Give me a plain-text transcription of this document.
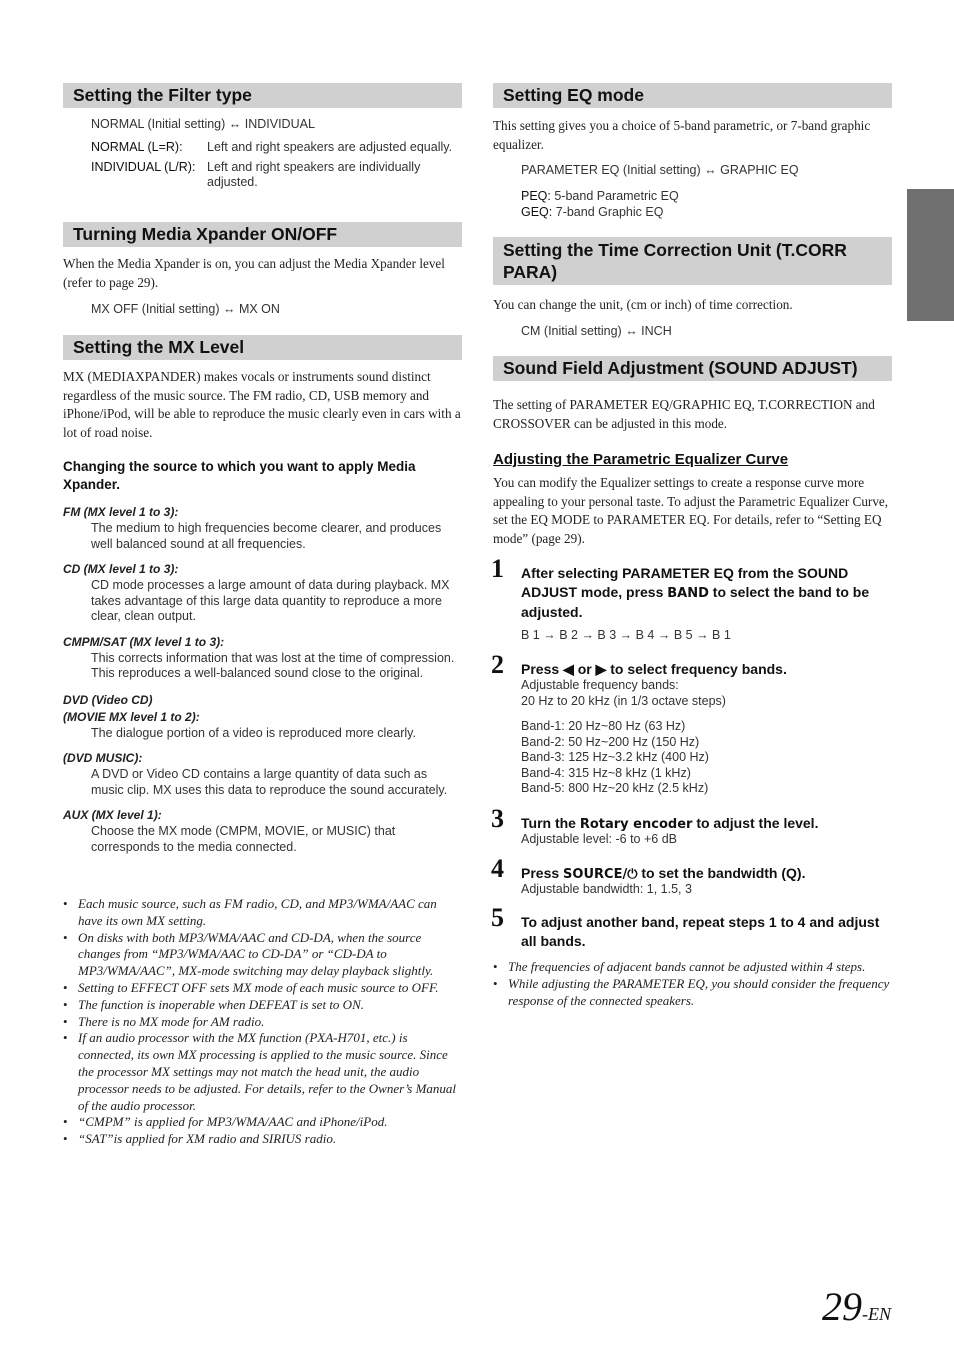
Setting the Filter type
NORMAL (Initial setting) ↔ INDIVIDUAL
NORMAL (L=R):	Left and right speakers are adjusted equally.
INDIVIDUAL (L/R): Left and right speakers are individually adjusted.
Turning Media Xpander ON/OFF
When the Media Xpander is on, you can adjust the Media Xpander level (refer to page 29).
MX OFF (Initial setting) ↔ MX ON
Setting the MX Level
MX (MEDIAXPANDER) makes vocals or instruments sound distinct regardless of the music source. The FM radio, CD, USB memory and iPhone/iPod, will be able to reproduce the music clearly even in cars with a lot of road noise.
Changing the source to which you want to apply Media Xpander.
FM (MX level 1 to 3):
The medium to high frequencies become clearer, and produces well balanced sound at all frequencies.
CD (MX level 1 to 3):
CD mode processes a large amount of data during playback. MX takes advantage of this large data quantity to reproduce a more clear, clean output.
CMPM/SAT (MX level 1 to 3):
This corrects information that was lost at the time of compression. This reproduces a well-balanced sound close to the original.
DVD (Video CD)
(MOVIE MX level 1 to 2):
The dialogue portion of a video is reproduced more clearly.
(DVD MUSIC):
A DVD or Video CD contains a large quantity of data such as music clip. MX uses this data to reproduce the sound accurately.
AUX (MX level 1):
Choose the MX mode (CMPM, MOVIE, or MUSIC) that corresponds to the media connected.
• Each music source, such as FM radio, CD, and MP3/WMA/AAC can have its own MX setting.
• On disks with both MP3/WMA/AAC and CD-DA, when the source changes from “MP3/WMA/AAC to CD-DA” or “CD-DA to MP3/WMA/AAC”, MX-mode switching may delay playback slightly.
• Setting to EFFECT OFF sets MX mode of each music source to OFF.
• The function is inoperable when DEFEAT is set to ON.
• There is no MX mode for AM radio.
• If an audio processor with the MX function (PXA-H701, etc.) is connected, its own MX processing is applied to the music source. Since the processor MX settings may not match the head unit, the audio processor needs to be adjusted. For details, refer to the Owner’s Manual of the audio processor.
• “CMPM” is applied for MP3/WMA/AAC and iPhone/iPod.
• “SAT”is applied for XM radio and SIRIUS radio.
Setting EQ mode
This setting gives you a choice of 5-band parametric, or 7-band graphic equalizer.
PARAMETER EQ (Initial setting) ↔ GRAPHIC EQ
PEQ: 5-band Parametric EQ
GEQ: 7-band Graphic EQ
Setting the Time Correction Unit (T.CORR PARA)
You can change the unit, (cm or inch) of time correction.
CM (Initial setting) ↔ INCH
Sound Field Adjustment (SOUND ADJUST)
The setting of PARAMETER EQ/GRAPHIC EQ, T.CORRECTION and CROSSOVER can be adjusted in this mode.
Adjusting the Parametric Equalizer Curve
You can modify the Equalizer settings to create a response curve more appealing to your personal taste. To adjust the Parametric Equalizer Curve, set the EQ MODE to PARAMETER EQ. For details, refer to “Setting EQ mode” (page 29).
1 After selecting PARAMETER EQ from the SOUND ADJUST mode, press BAND to select the band to be adjusted.
B 1 → B 2 → B 3 → B 4 → B 5 → B 1
2 Press ◀ or ▶ to select frequency bands.
Adjustable frequency bands:
20 Hz to 20 kHz (in 1/3 octave steps)
Band-1: 20 Hz~80 Hz (63 Hz)
Band-2: 50 Hz~200 Hz (150 Hz)
Band-3: 125 Hz~3.2 kHz (400 Hz)
Band-4: 315 Hz~8 kHz (1 kHz)
Band-5: 800 Hz~20 kHz (2.5 kHz)
3 Turn the Rotary encoder to adjust the level.
Adjustable level: -6 to +6 dB
4 Press SOURCE/⏻ to set the bandwidth (Q).
Adjustable bandwidth: 1, 1.5, 3
5 To adjust another band, repeat steps 1 to 4 and adjust all bands.
• The frequencies of adjacent bands cannot be adjusted within 4 steps.
• While adjusting the PARAMETER EQ, you should consider the frequency response of the connected speakers.
29-EN
